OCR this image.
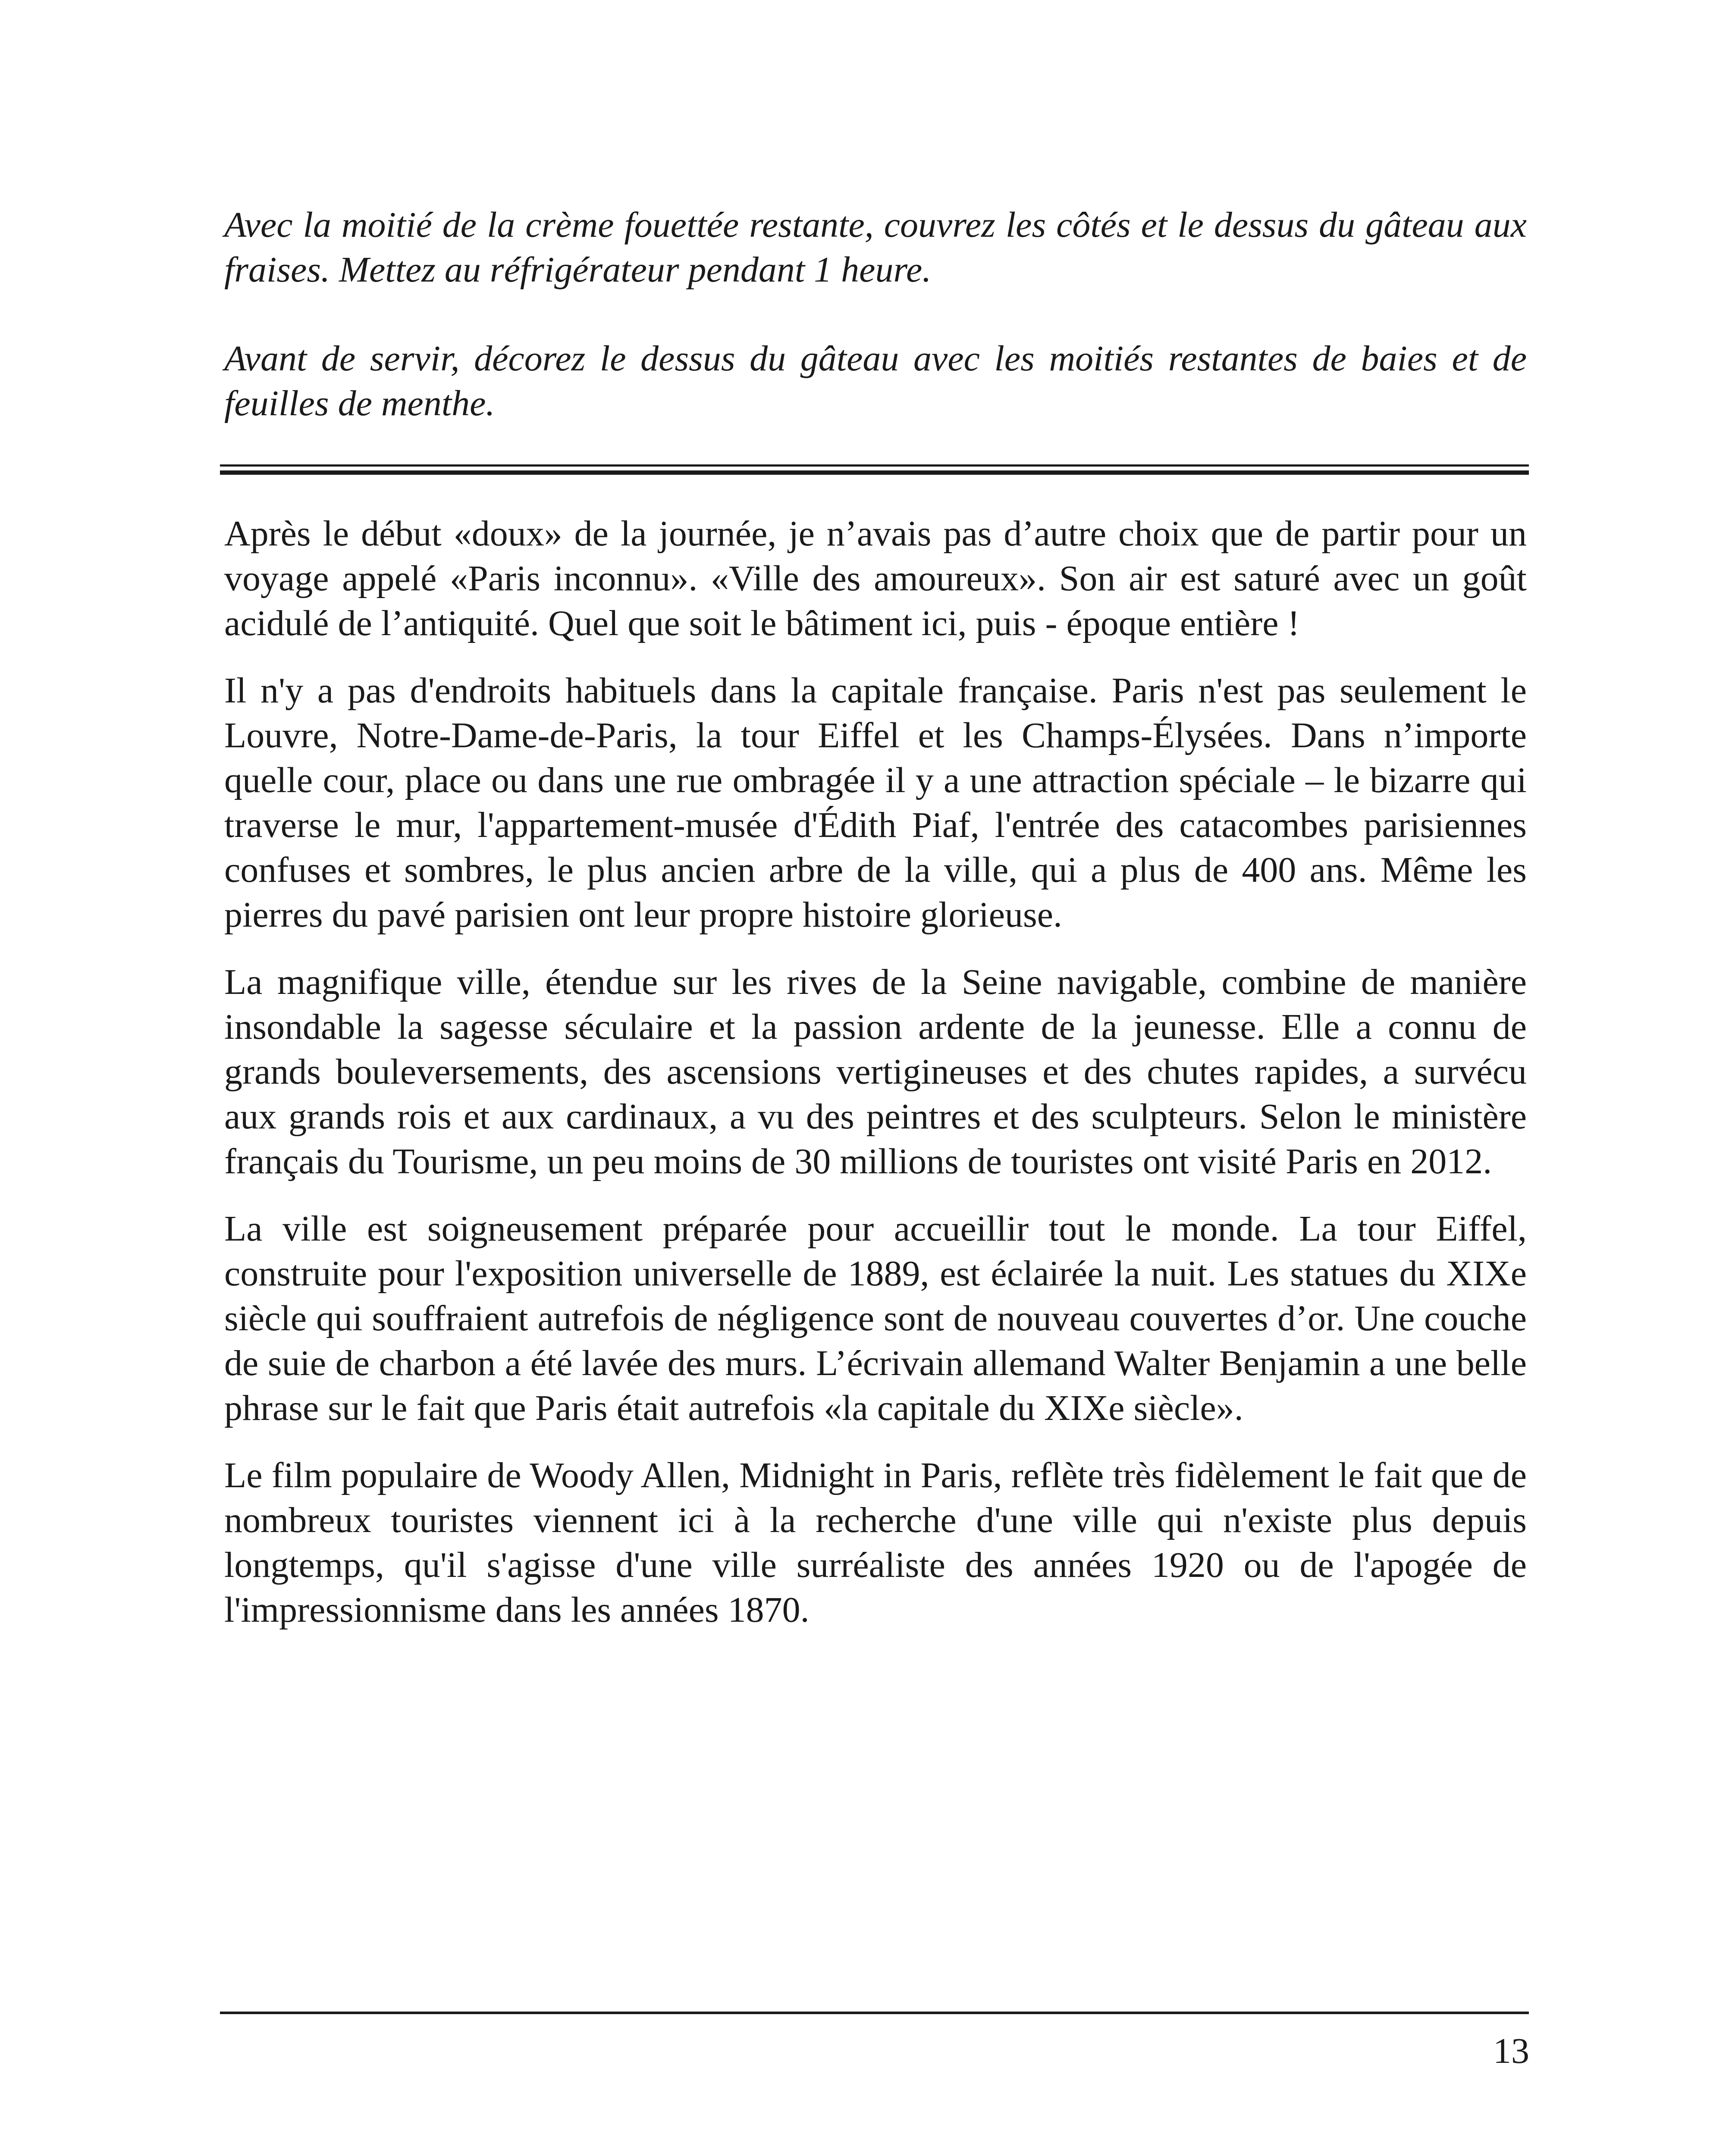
Avec la moitié de la crème fouettée restante, couvrez les côtés et le dessus du gâteau aux fraises. Mettez au réfrigérateur pendant 1 heure.

Avant de servir, décorez le dessus du gâteau avec les moitiés restantes de baies et de feuilles de menthe.

Après le début «doux» de la journée, je n’avais pas d’autre choix que de partir pour un voyage appelé «Paris inconnu». «Ville des amoureux». Son air est saturé avec un goût acidulé de l’antiquité. Quel que soit le bâtiment ici, puis - époque entière !

Il n'y a pas d'endroits habituels dans la capitale française. Paris n'est pas seulement le Louvre, Notre-Dame-de-Paris, la tour Eiffel et les Champs-Élysées. Dans n’importe quelle cour, place ou dans une rue ombragée il y a une attraction spéciale – le bizarre qui traverse le mur, l'appartement-musée d'Édith Piaf, l'entrée des catacombes parisiennes confuses et sombres, le plus ancien arbre de la ville, qui a plus de 400 ans. Même les pierres du pavé parisien ont leur propre histoire glorieuse.

La magnifique ville, étendue sur les rives de la Seine navigable, combine de manière insondable la sagesse séculaire et la passion ardente de la jeunesse. Elle a connu de grands bouleversements, des ascensions vertigineuses et des chutes rapides, a survécu aux grands rois et aux cardinaux, a vu des peintres et des sculpteurs. Selon le ministère français du Tourisme, un peu moins de 30 millions de touristes ont visité Paris en 2012.

La ville est soigneusement préparée pour accueillir tout le monde. La tour Eiffel, construite pour l'exposition universelle de 1889, est éclairée la nuit. Les statues du XIXe siècle qui souffraient autrefois de négligence sont de nouveau couvertes d’or. Une couche de suie de charbon a été lavée des murs. L’écrivain allemand Walter Benjamin a une belle phrase sur le fait que Paris était autrefois «la capitale du XIXe siècle».

Le film populaire de Woody Allen, Midnight in Paris, reflète très fidèlement le fait que de nombreux touristes viennent ici à la recherche d'une ville qui n'existe plus depuis longtemps, qu'il s'agisse d'une ville surréaliste des années 1920 ou de l'apogée de l'impressionnisme dans les années 1870.

13
